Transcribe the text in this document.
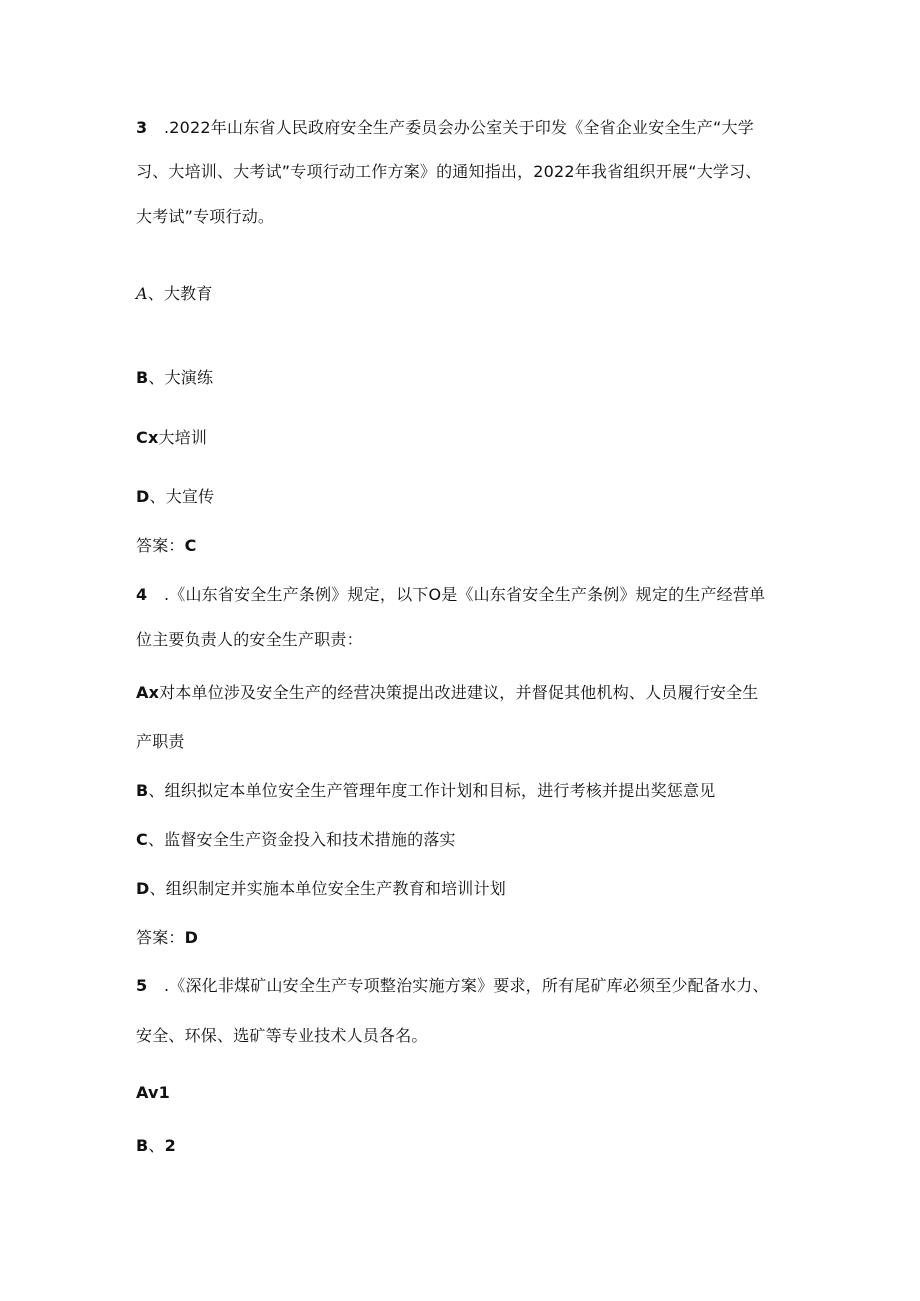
3 .2022年山东省人民政府安全生产委员会办公室关于印发《全省企业安全生产“大学
习、大培训、大考试”专项行动工作方案》的通知指出，2022年我省组织开展“大学习、
大考试”专项行动。
A、大教育
B、大演练
Cx大培训
D、大宣传
答案：C
4 .《山东省安全生产条例》规定，以下O是《山东省安全生产条例》规定的生产经营单
位主要负责人的安全生产职责：
Ax对本单位涉及安全生产的经营决策提出改进建议，并督促其他机构、人员履行安全生
产职责
B、组织拟定本单位安全生产管理年度工作计划和目标，进行考核并提出奖惩意见
C、监督安全生产资金投入和技术措施的落实
D、组织制定并实施本单位安全生产教育和培训计划
答案：D
5 .《深化非煤矿山安全生产专项整治实施方案》要求，所有尾矿库必须至少配备水力、
安全、环保、选矿等专业技术人员各名。
Av1
B、2
